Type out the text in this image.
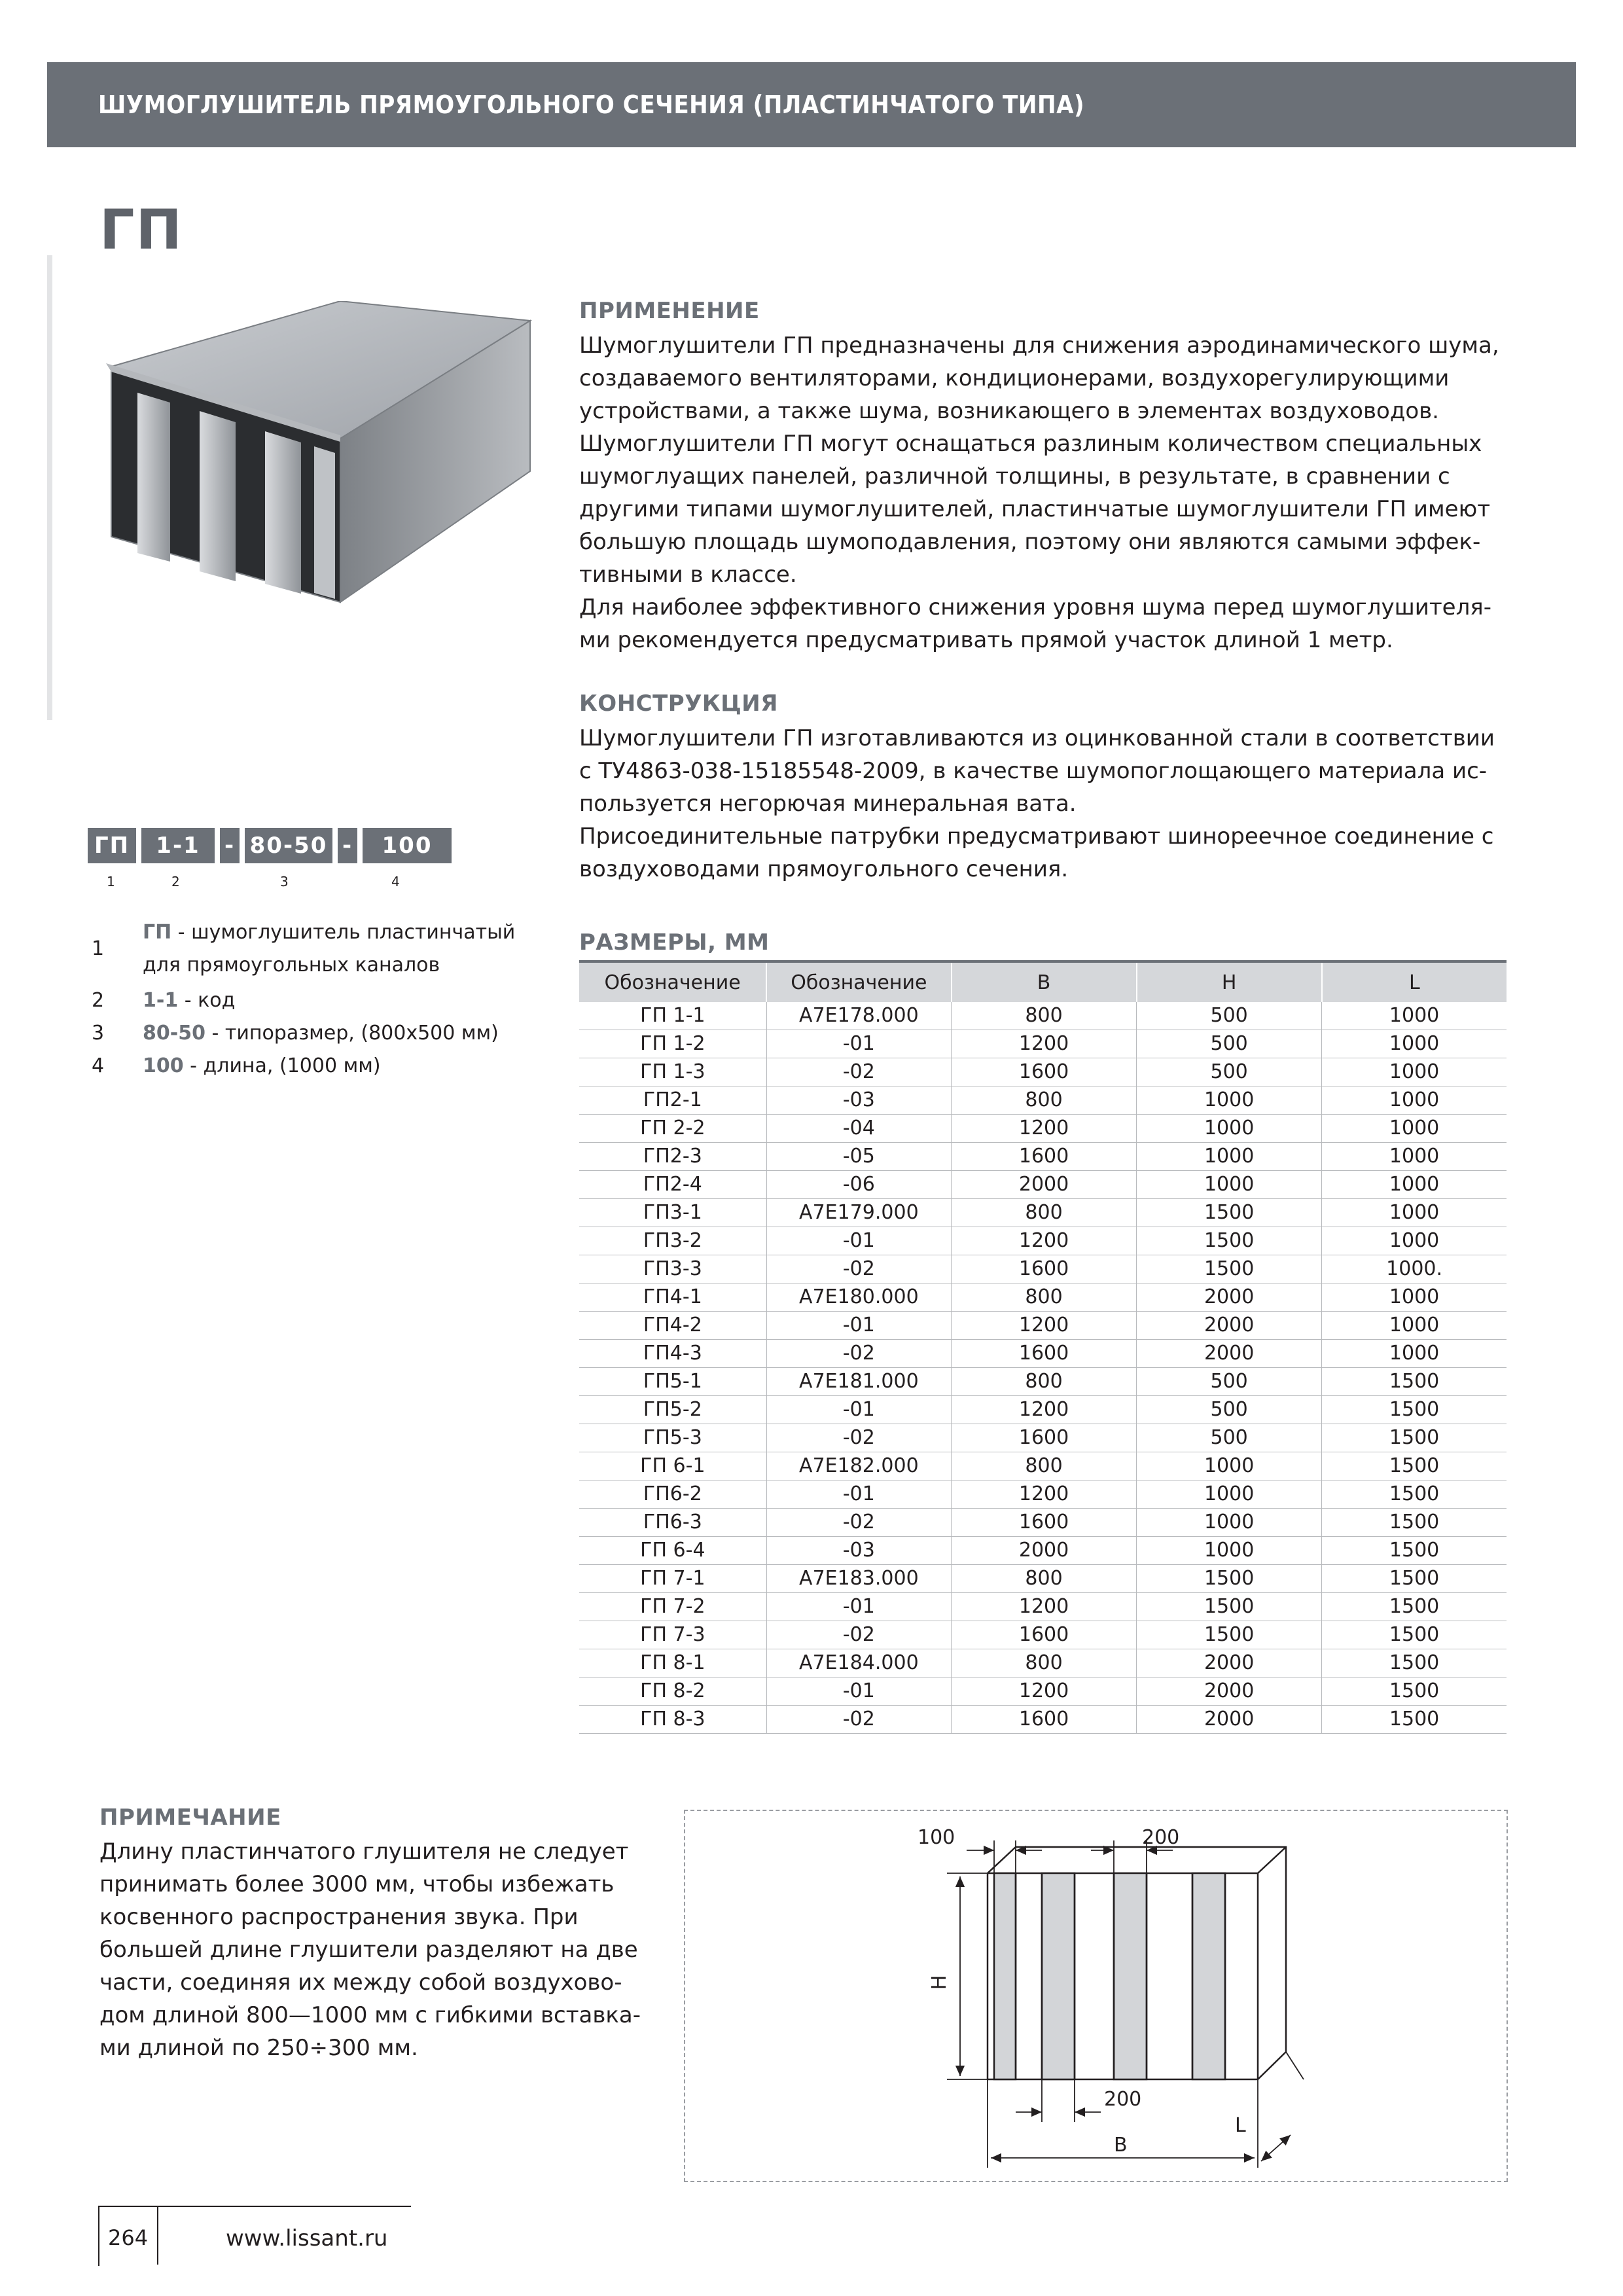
ШУМОГЛУШИТЕЛЬ ПРЯМОУГОЛЬНОГО СЕЧЕНИЯ (ПЛАСТИНЧАТОГО ТИПА)
ГП
ПРИМЕНЕНИЕ

Шумоглушители ГП предназначены для снижения аэродинамического шума,

создаваемого вентиляторами, кондиционерами, воздухорегулирующими

устройствами, а также шума, возникающего в элементах воздуховодов.

Шумоглушители ГП могут оснащаться разлиным количеством специальных

шумоглуащих панелей, различной толщины, в результате, в сравнении с

другими типами шумоглушителей, пластинчатые шумоглушители ГП имеют

большую площадь шумоподавления, поэтому они являются самыми эффек-

тивными в классе.

Для наиболее эффективного снижения уровня шума перед шумоглушителя-

ми рекомендуется предусматривать прямой участок длиной 1 метр.

КОНСТРУКЦИЯ

Шумоглушители ГП изготавливаются из оцинкованной стали в соответствии

с ТУ4863-038-15185548-2009, в качестве шумопоглощающего материала ис-

пользуется негорючая минеральная вата.

Присоединительные патрубки предусматривают шинореечное соединение с

воздуховодами прямоугольного сечения.

ГП	1-1	- 80-50 -	100
1	2	3	4
1
ГП - шумоглушитель пластинчатый
для прямоугольных каналов
2	1-1 - код
3	80-50 - типоразмер, (800х500 мм)
4	100 - длина, (1000 мм)
РАЗМЕРЫ, ММ
Обозначение	Обозначение	B	H	L
ГП 1-1	А7Е178.000	800	500	1000
ГП 1-2	-01	1200	500	1000
ГП 1-3	-02	1600	500	1000
ГП2-1	-03	800	1000	1000
ГП 2-2	-04	1200	1000	1000
ГП2-3	-05	1600	1000	1000
ГП2-4	-06	2000	1000	1000
ГП3-1	А7Е179.000	800	1500	1000
ГП3-2	-01	1200	1500	1000
ГП3-3	-02	1600	1500	1000.
ГП4-1	А7Е180.000	800	2000	1000
ГП4-2	-01	1200	2000	1000
ГП4-3	-02	1600	2000	1000
ГП5-1	А7Е181.000	800	500	1500
ГП5-2	-01	1200	500	1500
ГП5-3	-02	1600	500	1500
ГП 6-1	А7Е182.000	800	1000	1500
ГП6-2	-01	1200	1000	1500
ГП6-3	-02	1600	1000	1500
ГП 6-4	-03	2000	1000	1500
ГП 7-1	А7Е183.000	800	1500	1500
ГП 7-2	-01	1200	1500	1500
ГП 7-3	-02	1600	1500	1500
ГП 8-1	А7Е184.000	800	2000	1500
ГП 8-2	-01	1200	2000	1500
ГП 8-3	-02	1600	2000	1500
ПРИМЕЧАНИЕ
Длину пластинчатого глушителя не следует
принимать более 3000 мм, чтобы избежать
косвенного распространения звука. При
большей длине глушители разделяют на две
части, соединяя их между собой воздухово-
дом длиной 800—1000 мм с гибкими вставка-
ми длиной по 250÷300 мм.
100	200
H
200
B
L
264	www.lissant.ru
